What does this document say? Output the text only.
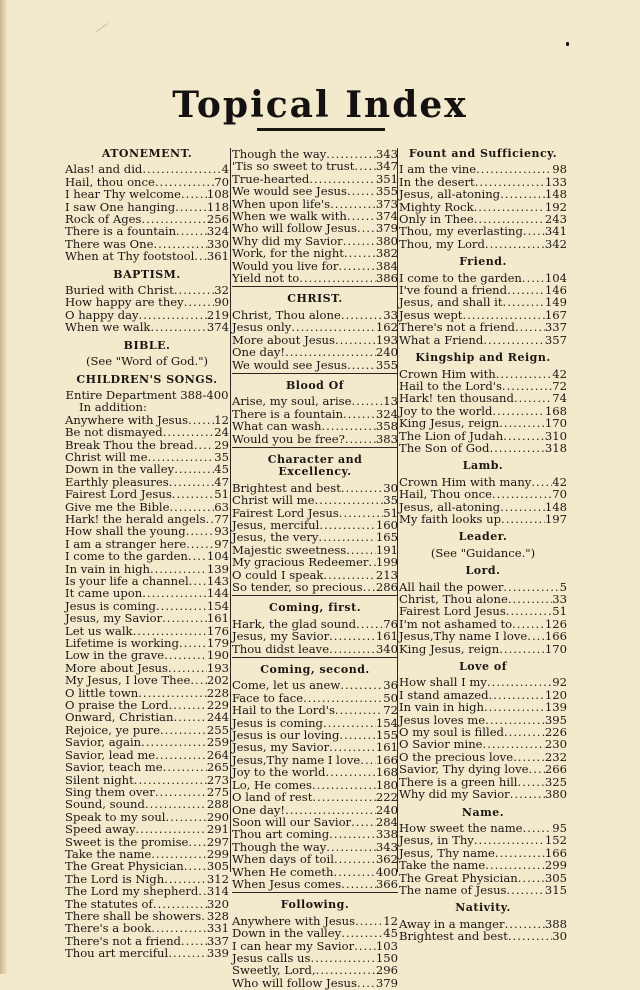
Topical Index
ATONEMENT.
Alas! and did .....	4
Hail, thou once .....	70
I hear Thy welcome ..... 108
I saw One hanging .....	118
Rock of Ages .....	256
There is a fountain .....	324
There was One .....	330
When at Thy footstool ..... 361
BAPTISM.
Buried with Christ .....	32
How happy are they .....	90
O happy day .....	219
When we walk .....	374
BIBLE.
(See "Word of God.")
CHILDREN'S SONGS.
Entire Department 388-400
In addition:
Anywhere with Jesus ..... 12
Be not dismayed .....	24
Break Thou the bread ..... 29
Christ will me .....	35
Down in the valley .....	45
Earthly pleasures .....	47
Fairest Lord Jesus .....	51
Give me the Bible .....	63
Hark! the herald angels ..... 77
How shall the young ..... 93
I am a stranger here ..... 97
I come to the garden ..... 104
In vain in high .....	139
Is your life a channel ..... 143
It came upon .....	144
Jesus is coming .....	154
Jesus, my Savior .....	161
Let us walk .....	176
Lifetime is working ..... 179
Low in the grave .....	190
More about Jesus .....	193
My Jesus, I love Thee ..... 202
O little town .....	228
O praise the Lord .....	229
Onward, Christian .....	244
Rejoice, ye pure .....	255
Savior, again .....	259
Savior, lead me .....	264
Savior, teach me .....	265
Silent night .....	273
Sing them over .....	275
Sound, sound .....	288
Speak to my soul .....	290
Speed away .....	291
Sweet is the promise ..... 297
Take the name .....	299
The Great Physician ..... 305
The Lord is Nigh .....	312
The Lord my shepherd ..... 314
The statutes of .....	320
There shall be showers ..... 328
There's a book .....	331
There's not a friend ..... 337
Thou art merciful .....	339
Though the way .....	343
'Tis so sweet to trust ..... 347
True-hearted .....	351
We would see Jesus ..... 355
When upon life's .....	373
When we walk with ..... 374
Who will follow Jesus ..... 379
Why did my Savior .....	380
Work, for the night .....	382
Would you live for .....	384
Yield not to .....	386
CHRIST.
Christ, Thou alone .....	33
Jesus only .....	162
More about Jesus .....	193
One day! .....	240
We would see Jesus ..... 355
Blood Of
Arise, my soul, arise .....	13
There is a fountain .....	324
What can wash .....	358
Would you be free? .....	383
Character and Excellency.
Brightest and best .....	30
Christ will me .....	35
Fairest Lord Jesus .....	51
Jesus, merciful .....	160
Jesus, the very .....	165
Majestic sweetness .....	191
My gracious Redeemer ..... 199
O could I speak .....	213
So tender, so precious ..... 286
Coming, first.
Hark, the glad sound ..... 76
Jesus, my Savior .....	161
Thou didst leave .....	340
Coming, second.
Come, let us anew .....	36
Face to face .....	50
Hail to the Lord's .....	72
Jesus is coming .....	154
Jesus is our loving .....	155
Jesus, my Savior .....	161
Jesus,Thy name I love ..... 166
Joy to the world .....	168
Lo, He comes .....	180
O land of rest .....	222
One day! .....	240
Soon will our Savior ..... 284
Thou art coming .....	338
Though the way .....	343
When days of toil .....	362
When He cometh .....	400
When Jesus comes .....	366
Following.
Anywhere with Jesus ..... 12
Down in the valley .....	45
I can hear my Savior ..... 103
Jesus calls us .....	150
Sweetly, Lord, .....	296
Who will follow Jesus ..... 379
Fount and Sufficiency.
I am the vine .....	98
In the desert .....	133
Jesus, all-atoning .....	148
Mighty Rock .....	192
Only in Thee .....	243
Thou, my everlasting ..... 341
Thou, my Lord .....	342
Friend.
I come to the garden ..... 104
I've found a friend .....	146
Jesus, and shall it .....	149
Jesus wept .....	167
There's not a friend .....	337
What a Friend .....	357
Kingship and Reign.
Crown Him with .....	42
Hail to the Lord's .....	72
Hark! ten thousand .....	74
Joy to the world .....	168
King Jesus, reign .....	170
The Lion of Judah .....	310
The Son of God .....	318
Lamb.
Crown Him with many ..... 42
Hail, Thou once .....	70
Jesus, all-atoning .....	148
My faith looks up .....	197
Leader.
(See "Guidance.")
Lord.
All hail the power .....	5
Christ, Thou alone .....	33
Fairest Lord Jesus .....	51
I'm not ashamed to .....	126
Jesus,Thy name I love ..... 166
King Jesus, reign .....	170
Love of
How shall I my .....	92
I stand amazed .....	120
In vain in high .....	139
Jesus loves me .....	395
O my soul is filled .....	226
O Savior mine .....	230
O the precious love .....	232
Savior, Thy dying love ..... 266
There is a green hill ..... 325
Why did my Savior .....	380
Name.
How sweet the name .....	95
Jesus, in Thy .....	152
Jesus, Thy name .....	166
Take the name .....	299
The Great Physician ..... 305
The name of Jesus .....	315
Nativity.
Away in a manger .....	388
Brightest and best .....	30
